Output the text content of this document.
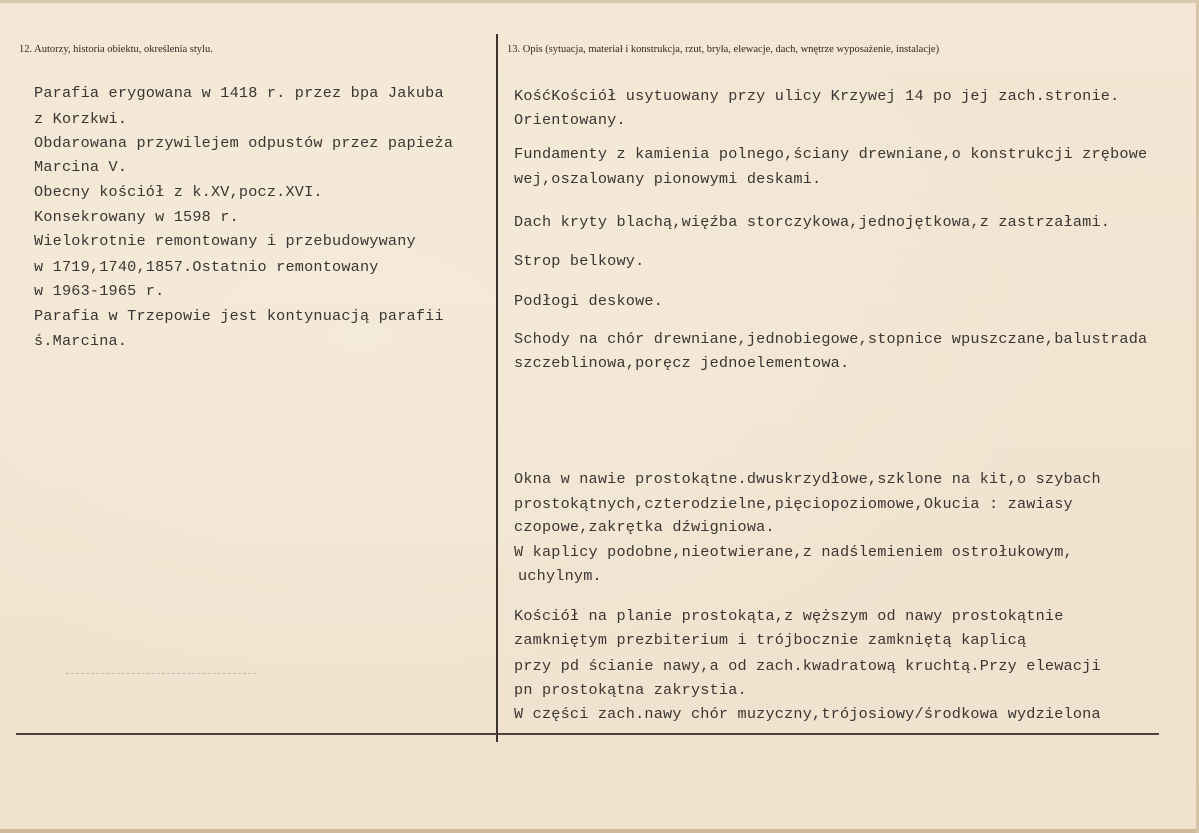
12. Autorzy, historia obiektu, określenia stylu.	13. Opis (sytuacja, materiał i konstrukcja, rzut, bryła, elewacje, dach, wnętrze wyposażenie, instalacje)
Parafia erygowana w 1418 r. przez bpa Jakuba
z Korzkwi.
Obdarowana przywilejem odpustów przez papieża
Marcina V.
Obecny kościół z k.XV,pocz.XVI.
Konsekrowany w 1598 r.
Wielokrotnie remontowany i przebudowywany
w 1719,1740,1857.Ostatnio remontowany
w 1963-1965 r.
Parafia w Trzepowie jest kontynuacją parafii
ś.Marcina.
KośćKościół usytuowany przy ulicy Krzywej 14 po jej zach.stronie.
Orientowany.
Fundamenty z kamienia polnego,ściany drewniane,o konstrukcji zrębowe
wej,oszalowany pionowymi deskami.
Dach kryty blachą,więźba storczykowa,jednojętkowa,z zastrzałami.
Strop belkowy.
Podłogi deskowe.
Schody na chór drewniane,jednobiegowe,stopnice wpuszczane,balustrada
szczeblinowa,poręcz jednoelementowa.
Okna w nawie prostokątne.dwuskrzydłowe,szklone na kit,o szybach
prostokątnych,czterodzielne,pięciopoziomowe,Okucia : zawiasy
czopowe,zakrętka dźwigniowa.
W kaplicy podobne,nieotwierane,z nadślemieniem ostrołukowym,
uchylnym.
Kościół na planie prostokąta,z węższym od nawy prostokątnie
zamkniętym prezbiterium i trójbocznie zamkniętą kaplicą
przy pd ścianie nawy,a od zach.kwadratową kruchtą.Przy elewacji
pn prostokątna zakrystia.
W części zach.nawy chór muzyczny,trójosiowy/środkowa wydzielona
